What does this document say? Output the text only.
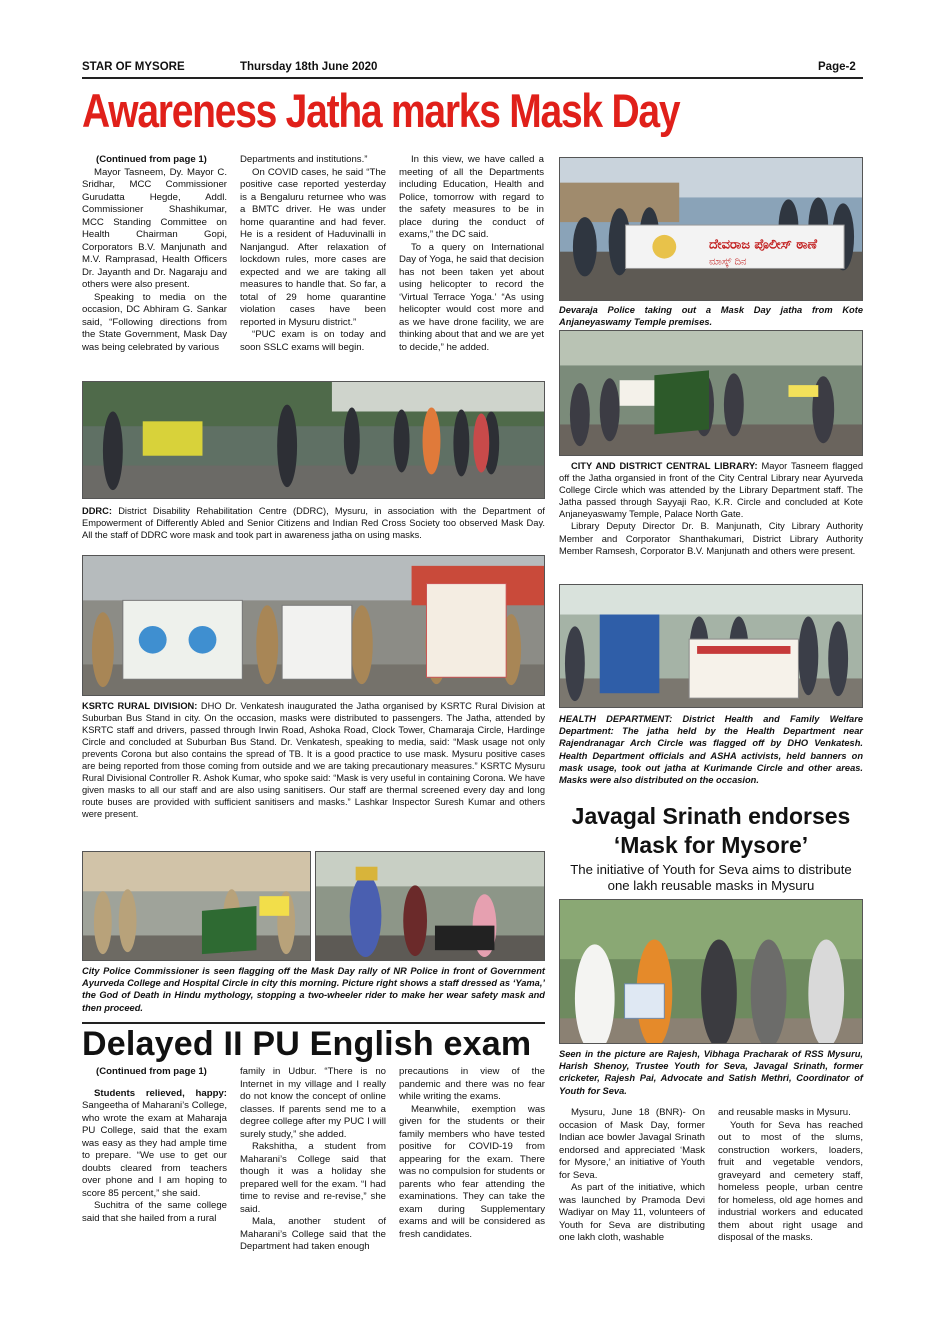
STAR OF MYSORE	Thursday 18th June 2020	Page-2
Awareness Jatha marks Mask Day

(Continued from page 1)

Mayor Tasneem, Dy. Mayor C. Sridhar, MCC Commissioner Gurudatta Hegde, Addl. Commissioner Shashikumar, MCC Standing Committee on Health Chairman Gopi, Corporators B.V. Manjunath and M.V. Ramprasad, Health Officers Dr. Jayanth and Dr. Nagaraju and others were also present.

Speaking to media on the occasion, DC Abhiram G. Sankar said, “Following directions from the State Government, Mask Day was being celebrated by various

Departments and institutions.”

On COVID cases, he said “The positive case reported yesterday is a Bengaluru returnee who was a BMTC driver. He was under home quarantine and had fever. He is a resident of Haduvinalli in Nanjangud. After relaxation of lockdown rules, more cases are expected and we are taking all measures to handle that. So far, a total of 29 home quarantine violation cases have been reported in Mysuru district.”

“PUC exam is on today and soon SSLC exams will begin.

In this view, we have called a meeting of all the Departments including Education, Health and Police, tomorrow with regard to the safety measures to be in place during the conduct of exams,” the DC said.

To a query on International Day of Yoga, he said that decision has not been taken yet about using helicopter to record the ‘Virtual Terrace Yoga.’ “As using helicopter would cost more and as we have drone facility, we are thinking about that and we are yet to decide,” he added.

ದೇವರಾಜ ಪೊಲೀಸ್ ಠಾಣೆ
ಮಾಸ್ಕ್ ದಿನ
Devaraja Police taking out a Mask Day jatha from Kote Anjaneyaswamy Temple premises.

CITY AND DISTRICT CENTRAL LIBRARY: Mayor Tasneem flagged off the Jatha organsied in front of the City Central Library near Ayurveda College Circle which was attended by the Library Department staff. The Jatha passed through Sayyaji Rao, K.R. Circle and concluded at Kote Anjaneyaswamy Temple, Palace North Gate.

Library Deputy Director Dr. B. Manjunath, City Library Authority Member and Corporator Shanthakumari, District Library Authority Member Ramsesh, Corporator B.V. Manjunath and others were present.

DDRC: District Disability Rehabilitation Centre (DDRC), Mysuru, in association with the Department of Empowerment of Differently Abled and Senior Citizens and Indian Red Cross Society too observed Mask Day. All the staff of DDRC wore mask and took part in awareness jatha on using masks.
KSRTC RURAL DIVISION: DHO Dr. Venkatesh inaugurated the Jatha organised by KSRTC Rural Division at Suburban Bus Stand in city. On the occasion, masks were distributed to passengers. The Jatha, attended by KSRTC staff and drivers, passed through Irwin Road, Ashoka Road, Clock Tower, Chamaraja Circle, Hardinge Circle and concluded at Suburban Bus Stand. Dr. Venkatesh, speaking to media, said: “Mask usage not only prevents Corona but also contains the spread of TB. It is a good practice to use mask. Mysuru positive cases are being reported from those coming from outside and we are taking precautionary measures.” KSRTC Mysuru Rural Divisional Controller R. Ashok Kumar, who spoke said: “Mask is very useful in containing Corona. We have given masks to all our staff and are also using sanitisers. Our staff are thermal screened every day and long route buses are provided with sufficient sanitisers and masks.” Lashkar Inspector Suresh Kumar and others were present.
HEALTH DEPARTMENT: District Health and Family Welfare Department: The jatha held by the Health Department near Rajendranagar Arch Circle was flagged off by DHO Venkatesh. Health Department officials and ASHA activists, held banners on mask usage, took out jatha at Kurimande Circle and other areas. Masks were also distributed on the occasion.
City Police Commissioner is seen flagging off the Mask Day rally of NR Police in front of Government Ayurveda College and Hospital Circle in city this morning. Picture right shows a staff dressed as ‘Yama,’ the God of Death in Hindu mythology, stopping a two-wheeler rider to make her wear safety mask and then proceed.
Javagal Srinath endorses
‘Mask for Mysore’
The initiative of Youth for Seva aims to distribute
one lakh reusable masks in Mysuru
Seen in the picture are Rajesh, Vibhaga Pracharak of RSS Mysuru, Harish Shenoy, Trustee Youth for Seva, Javagal Srinath, former cricketer, Rajesh Pai, Advocate and Satish Methri, Coordinator of Youth for Seva.

Mysuru, June 18 (BNR)- On occasion of Mask Day, former Indian ace bowler Javagal Srinath endorsed and appreciated ‘Mask for Mysore,’ an initiative of Youth for Seva.

As part of the initiative, which was launched by Pramoda Devi Wadiyar on May 11, volunteers of Youth for Seva are distributing one lakh cloth, washable

and reusable masks in Mysuru.

Youth for Seva has reached out to most of the slums, construction workers, loaders, fruit and vegetable vendors, graveyard and cemetery staff, homeless people, urban centre for homeless, old age homes and industrial workers and educated them about right usage and disposal of the masks.

Delayed II PU English exam

(Continued from page 1)

Students relieved, happy: Sangeetha of Maharani’s College, who wrote the exam at Maharaja PU College, said that the exam was easy as they had ample time to prepare. “We use to get our doubts cleared from teachers over phone and I am hoping to score 85 percent,” she said.

Suchitra of the same college said that she hailed from a rural

family in Udbur. “There is no Internet in my village and I really do not know the concept of online classes. If parents send me to a degree college after my PUC I will surely study,” she added.

Rakshitha, a student from Maharani’s College said that though it was a holiday she prepared well for the exam. “I had time to revise and re-revise,” she said.

Mala, another student of Maharani’s College said that the Department had taken enough

precautions in view of the pandemic and there was no fear while writing the exams.

Meanwhile, exemption was given for the students or their family members who have tested positive for COVID-19 from appearing for the exam. There was no compulsion for students or parents who fear attending the examinations. They can take the exam during Supplementary exams and will be considered as fresh candidates.
